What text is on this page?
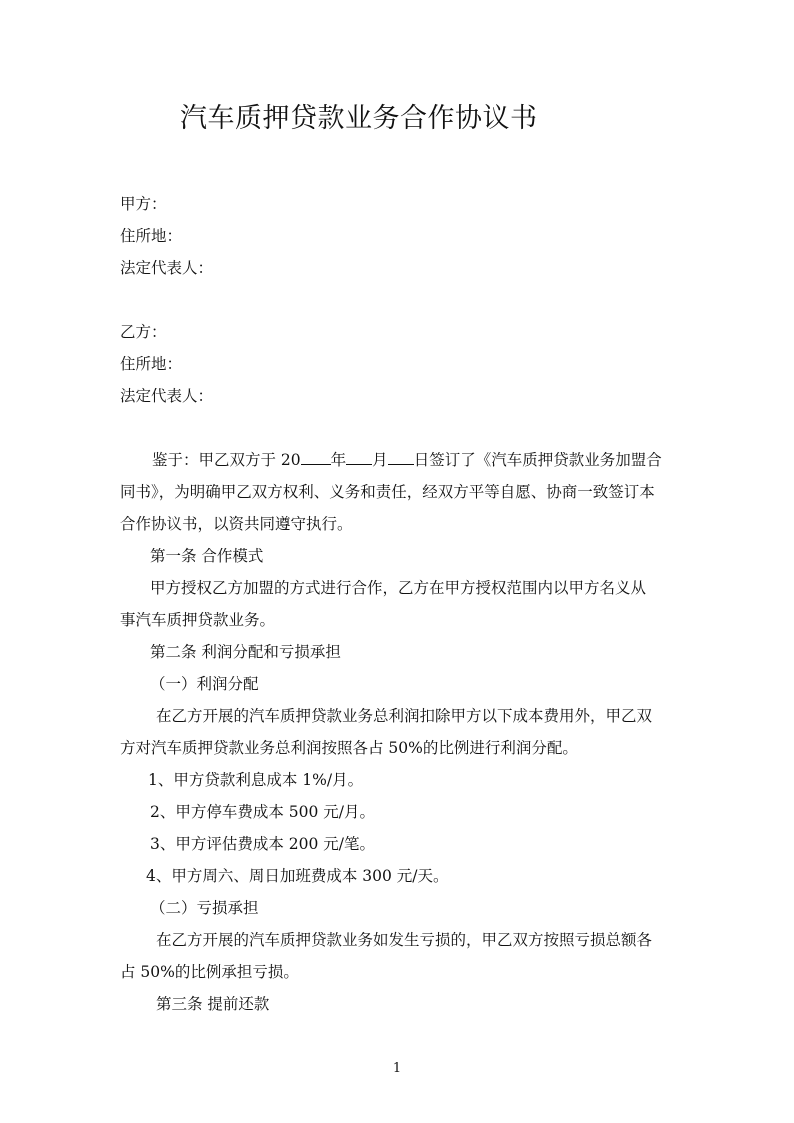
汽车质押贷款业务合作协议书

甲方：

住所地：

法定代表人：

乙方：

住所地：

法定代表人：

鉴于：甲乙双方于 20 年 月 日签订了《汽车质押贷款业务加盟合

同书》，为明确甲乙双方权利、义务和责任，经双方平等自愿、协商一致签订本

合作协议书，以资共同遵守执行。

第一条 合作模式

甲方授权乙方加盟的方式进行合作，乙方在甲方授权范围内以甲方名义从

事汽车质押贷款业务。

第二条 利润分配和亏损承担

（一）利润分配

在乙方开展的汽车质押贷款业务总利润扣除甲方以下成本费用外，甲乙双

方对汽车质押贷款业务总利润按照各占 50%的比例进行利润分配。

1、甲方贷款利息成本 1%/月。

2、甲方停车费成本 500 元/月。

3、甲方评估费成本 200 元/笔。

4、甲方周六、周日加班费成本 300 元/天。

（二）亏损承担

在乙方开展的汽车质押贷款业务如发生亏损的，甲乙双方按照亏损总额各

占 50%的比例承担亏损。

第三条 提前还款

1
